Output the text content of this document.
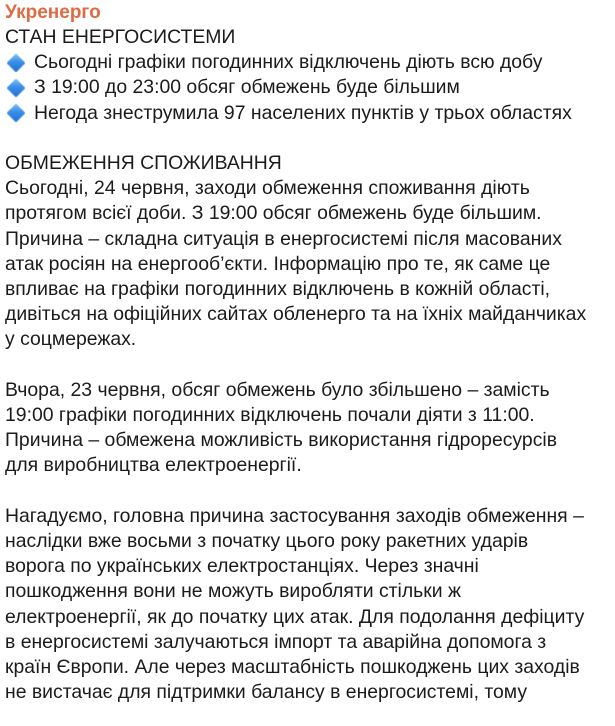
Укренерго
СТАН ЕНЕРГОСИСТЕМИ
Сьогодні графіки погодинних відключень діють всю добу
З 19:00 до 23:00 обсяг обмежень буде більшим
Негода знеструмила 97 населених пунктів у трьох областях
ОБМЕЖЕННЯ СПОЖИВАННЯ
Сьогодні, 24 червня, заходи обмеження споживання діють
протягом всієї доби. З 19:00 обсяг обмежень буде більшим.
Причина – складна ситуація в енергосистемі після масованих
атак росіян на енергооб’єкти. Інформацію про те, як саме це
впливає на графіки погодинних відключень в кожній області,
дивіться на офіційних сайтах обленерго та на їхніх майданчиках
у соцмережах.
Вчора, 23 червня, обсяг обмежень було збільшено – замість
19:00 графіки погодинних відключень почали діяти з 11:00.
Причина – обмежена можливість використання гідроресурсів
для виробництва електроенергії.
Нагадуємо, головна причина застосування заходів обмеження –
наслідки вже восьми з початку цього року ракетних ударів
ворога по українських електростанціях. Через значні
пошкодження вони не можуть виробляти стільки ж
електроенергії, як до початку цих атак. Для подолання дефіциту
в енергосистемі залучаються імпорт та аварійна допомога з
країн Європи. Але через масштабність пошкоджень цих заходів
не вистачає для підтримки балансу в енергосистемі, тому
